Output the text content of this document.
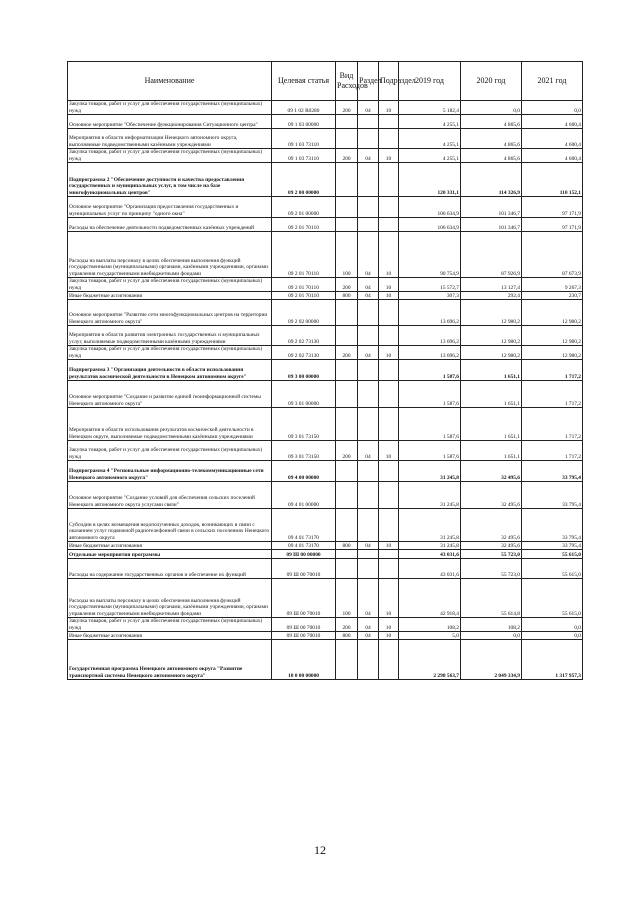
Наименование	Целевая статья	Вид Расходов	Раздел	Подраздел	2019 год	2020 год	2021 год
Закупка товаров, работ и услуг для обеспечения государственных (муниципальных) нужд	09 1 02 R0280	200	04	10	5 182,4	0,0	0,0
Основное мероприятие "Обеспечение функционирования Ситуационного центра"	09 1 03 00000				4 255,1	4 865,6	4 600,4
Мероприятия в области информатизации Ненецкого автономного округа, выполняемые подведомственными казёнными учреждениями	09 1 03 73110				4 255,1	4 865,6	4 600,4
Закупка товаров, работ и услуг для обеспечения государственных (муниципальных) нужд	09 1 03 73110	200	04	10	4 255,1	4 865,6	4 600,4
Подпрограмма 2 "Обеспечение доступности и качества предоставления государственных и муниципальных услуг, в том числе на базе многофункциональных центров"	09 2 00 00000				120 331,1	114 326,9	110 152,1
Основное мероприятие "Организация предоставления государственных и муниципальных услуг по принципу "одного окна"	09 2 01 00000				106 634,9	101 346,7	97 171,9
Расходы на обеспечение деятельности подведомственных казённых учреждений	09 2 01 70110				106 634,9	101 346,7	97 171,9
Расходы на выплаты персоналу в целях обеспечения выполнения функций государственными (муниципальными) органами, казёнными учреждениями, органами управления государственными внебюджетными фондами	09 2 01 70110	100	04	10	90 754,9	87 926,9	87 673,9
Закупка товаров, работ и услуг для обеспечения государственных (муниципальных) нужд	09 2 01 70110	200	04	10	15 572,7	13 127,4	9 267,3
Иные бюджетные ассигнования	09 2 01 70110	800	04	10	307,3	292,4	230,7
Основное мероприятие "Развитие сети многофункциональных центров на территории Ненецкого автономного округа"	09 2 02 00000				13 696,2	12 980,2	12 980,2
Мероприятия в области развития электронных государственных и муниципальных услуг, выполняемые подведомственными казёнными учреждениями	09 2 02 73130				13 696,2	12 980,2	12 980,2
Закупка товаров, работ и услуг для обеспечения государственных (муниципальных) нужд	09 2 02 73130	200	04	10	13 696,2	12 980,2	12 980,2
Подпрограмма 3 "Организация деятельности в области использования результатов космической деятельности в Ненецком автономном округе"	09 3 00 00000				1 587,6	1 651,1	1 717,2
Основное мероприятие "Создание и развитие единой геоинформационной системы Ненецкого автономного округа"	09 3 01 00000				1 587,6	1 651,1	1 717,2
Мероприятия в области использования результатов космической деятельности в Ненецком округе, выполняемые подведомственными казёнными учреждениями	09 3 01 73150				1 587,6	1 651,1	1 717,2
Закупка товаров, работ и услуг для обеспечения государственных (муниципальных) нужд	09 3 01 73150	200	04	10	1 587,6	1 651,1	1 717,2
Подпрограмма 4 "Региональные информационно-телекоммуникационные сети Ненецкого автономного округа"	09 4 00 00000				31 245,8	32 495,6	33 795,4
Основное мероприятие "Создание условий для обеспечения сельских поселений Ненецкого автономного округа услугами связи"	09 4 01 00000				31 245,8	32 495,6	33 795,4
Субсидии в целях возмещения недополученных доходов, возникающих в связи с оказанием услуг подвижной радиотелефонной связи в сельских поселениях Ненецкого автономного округа	09 4 01 73170				31 245,8	32 495,6	33 795,4
Иные бюджетные ассигнования	09 4 01 73170	800	04	10	31 245,8	32 495,6	33 795,4
Отдельные мероприятия программы	09 Ш 00 00000				43 031,6	55 723,0	55 615,0
Расходы на содержание государственных органов и обеспечение их функций	09 Ш 00 70010				43 031,6	55 723,0	55 615,0
Расходы на выплаты персоналу в целях обеспечения выполнения функций государственными (муниципальными) органами, казёнными учреждениями, органами управления государственными внебюджетными фондами	09 Ш 00 70010	100	04	10	42 918,4	55 614,8	55 615,0
Закупка товаров, работ и услуг для обеспечения государственных (муниципальных) нужд	09 Ш 00 70010	200	04	10	108,2	108,2	0,0
Иные бюджетные ассигнования	09 Ш 00 70010	800	04	10	5,0	0,0	0,0
Государственная программа Ненецкого автономного округа "Развитие транспортной системы Ненецкого автономного округа"	10 0 00 00000				2 298 563,7	2 049 334,9	1 317 957,3
12
